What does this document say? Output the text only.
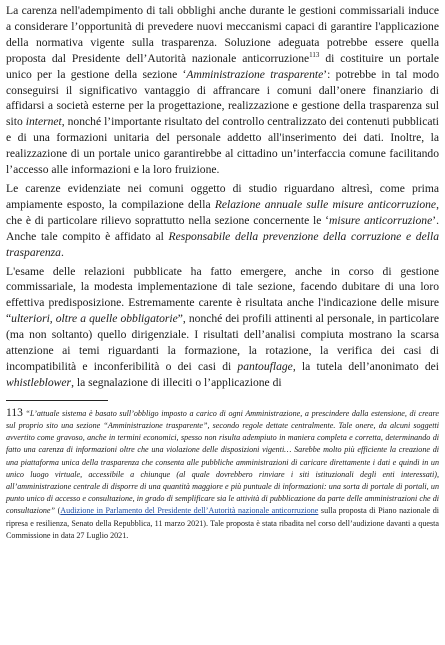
La carenza nell'adempimento di tali obblighi anche durante le gestioni commissariali induce a considerare l’opportunità di prevedere nuovi meccanismi capaci di garantire l'applicazione della normativa vigente sulla trasparenza. Soluzione adeguata potrebbe essere quella proposta dal Presidente dell’Autorità nazionale anticorruzione$^{113}$ di costituire un portale unico per la gestione della sezione ‘Amministrazione trasparente’: potrebbe in tal modo conseguirsi il significativo vantaggio di affrancare i comuni dall’onere finanziario di affidarsi a società esterne per la progettazione, realizzazione e gestione della trasparenza sul sito internet, nonché l’importante risultato del controllo centralizzato dei contenuti pubblicati e di una formazioni unitaria del personale addetto all'inserimento dei dati. Inoltre, la realizzazione di un portale unico garantirebbe al cittadino un’interfaccia comune facilitando l’accesso alle informazioni e la loro fruizione.

Le carenze evidenziate nei comuni oggetto di studio riguardano altresì, come prima ampiamente esposto, la compilazione della Relazione annuale sulle misure anticorruzione, che è di particolare rilievo soprattutto nella sezione concernente le ‘misure anticorruzione’. Anche tale compito è affidato al Responsabile della prevenzione della corruzione e della trasparenza.

L'esame delle relazioni pubblicate ha fatto emergere, anche in corso di gestione commissariale, la modesta implementazione di tale sezione, facendo dubitare di una loro effettiva predisposizione. Estremamente carente è risultata anche l'indicazione delle misure “ulteriori, oltre a quelle obbligatorie”, nonché dei profili attinenti al personale, in particolare (ma non soltanto) quello dirigenziale. I risultati dell’analisi compiuta mostrano la scarsa attenzione ai temi riguardanti la formazione, la rotazione, la verifica dei casi di incompatibilità e inconferibilità o dei casi di pantouflage, la tutela dell’anonimato dei whistleblower, la segnalazione di illeciti o l’applicazione di

113 “L’attuale sistema è basato sull’obbligo imposto a carico di ogni Amministrazione, a prescindere dalla estensione, di creare sul proprio sito una sezione “Amministrazione trasparente”, secondo regole dettate centralmente. Tale onere, da alcuni soggetti avvertito come gravoso, anche in termini economici, spesso non risulta adempiuto in maniera completa e corretta, determinando di fatto una carenza di informazioni oltre che una violazione delle disposizioni vigenti… Sarebbe molto più efficiente la creazione di una piattaforma unica della trasparenza che consenta alle pubbliche amministrazioni di caricare direttamente i dati e quindi in un unico luogo virtuale, accessibile a chiunque (al quale dovrebbero rinviare i siti istituzionali degli enti interessati), all’amministrazione centrale di disporre di una quantità maggiore e più puntuale di informazioni: una sorta di portale di portali, un punto unico di accesso e consultazione, in grado di semplificare sia le attività di pubblicazione da parte delle amministrazioni che di consultazione” (Audizione in Parlamento del Presidente dell’Autorità nazionale anticorruzione sulla proposta di Piano nazionale di ripresa e resilienza, Senato della Repubblica, 11 marzo 2021). Tale proposta è stata ribadita nel corso dell’audizione davanti a questa Commissione in data 27 Luglio 2021.
